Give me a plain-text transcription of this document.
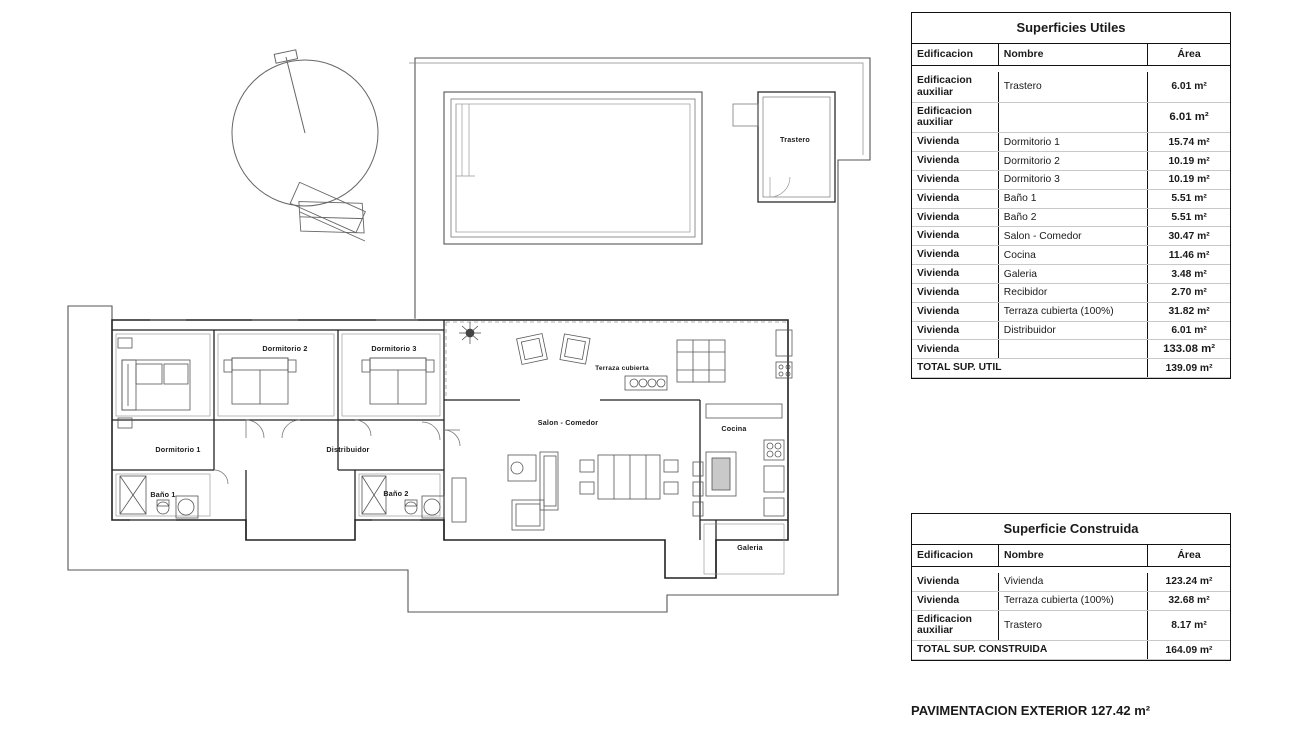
Trastero
Dormitorio 2	Dormitorio 3
Dormitorio 1	Distribuidor
Baño 1	Baño 2
Terraza cubierta
Salon - Comedor
Cocina
Galeria
Superficies Utiles		
Edificacion	Nombre	Área

Edificacion auxiliar	Trastero	6.01 m²
Edificacion auxiliar		6.01 m²
Vivienda	Dormitorio 1	15.74 m²
Vivienda	Dormitorio 2	10.19 m²
Vivienda	Dormitorio 3	10.19 m²
Vivienda	Baño 1	5.51 m²
Vivienda	Baño 2	5.51 m²
Vivienda	Salon - Comedor	30.47 m²
Vivienda	Cocina	11.46 m²
Vivienda	Galeria	3.48 m²
Vivienda	Recibidor	2.70 m²
Vivienda	Terraza cubierta (100%)	31.82 m²
Vivienda	Distribuidor	6.01 m²
Vivienda		133.08 m²
TOTAL SUP. UTIL		139.09 m²
Superficie Construida		
Edificacion	Nombre	Área

Vivienda	Vivienda	123.24 m²
Vivienda	Terraza cubierta (100%)	32.68 m²
Edificacion auxiliar	Trastero	8.17 m²
TOTAL SUP. CONSTRUIDA		164.09 m²
PAVIMENTACION EXTERIOR 127.42 m²
